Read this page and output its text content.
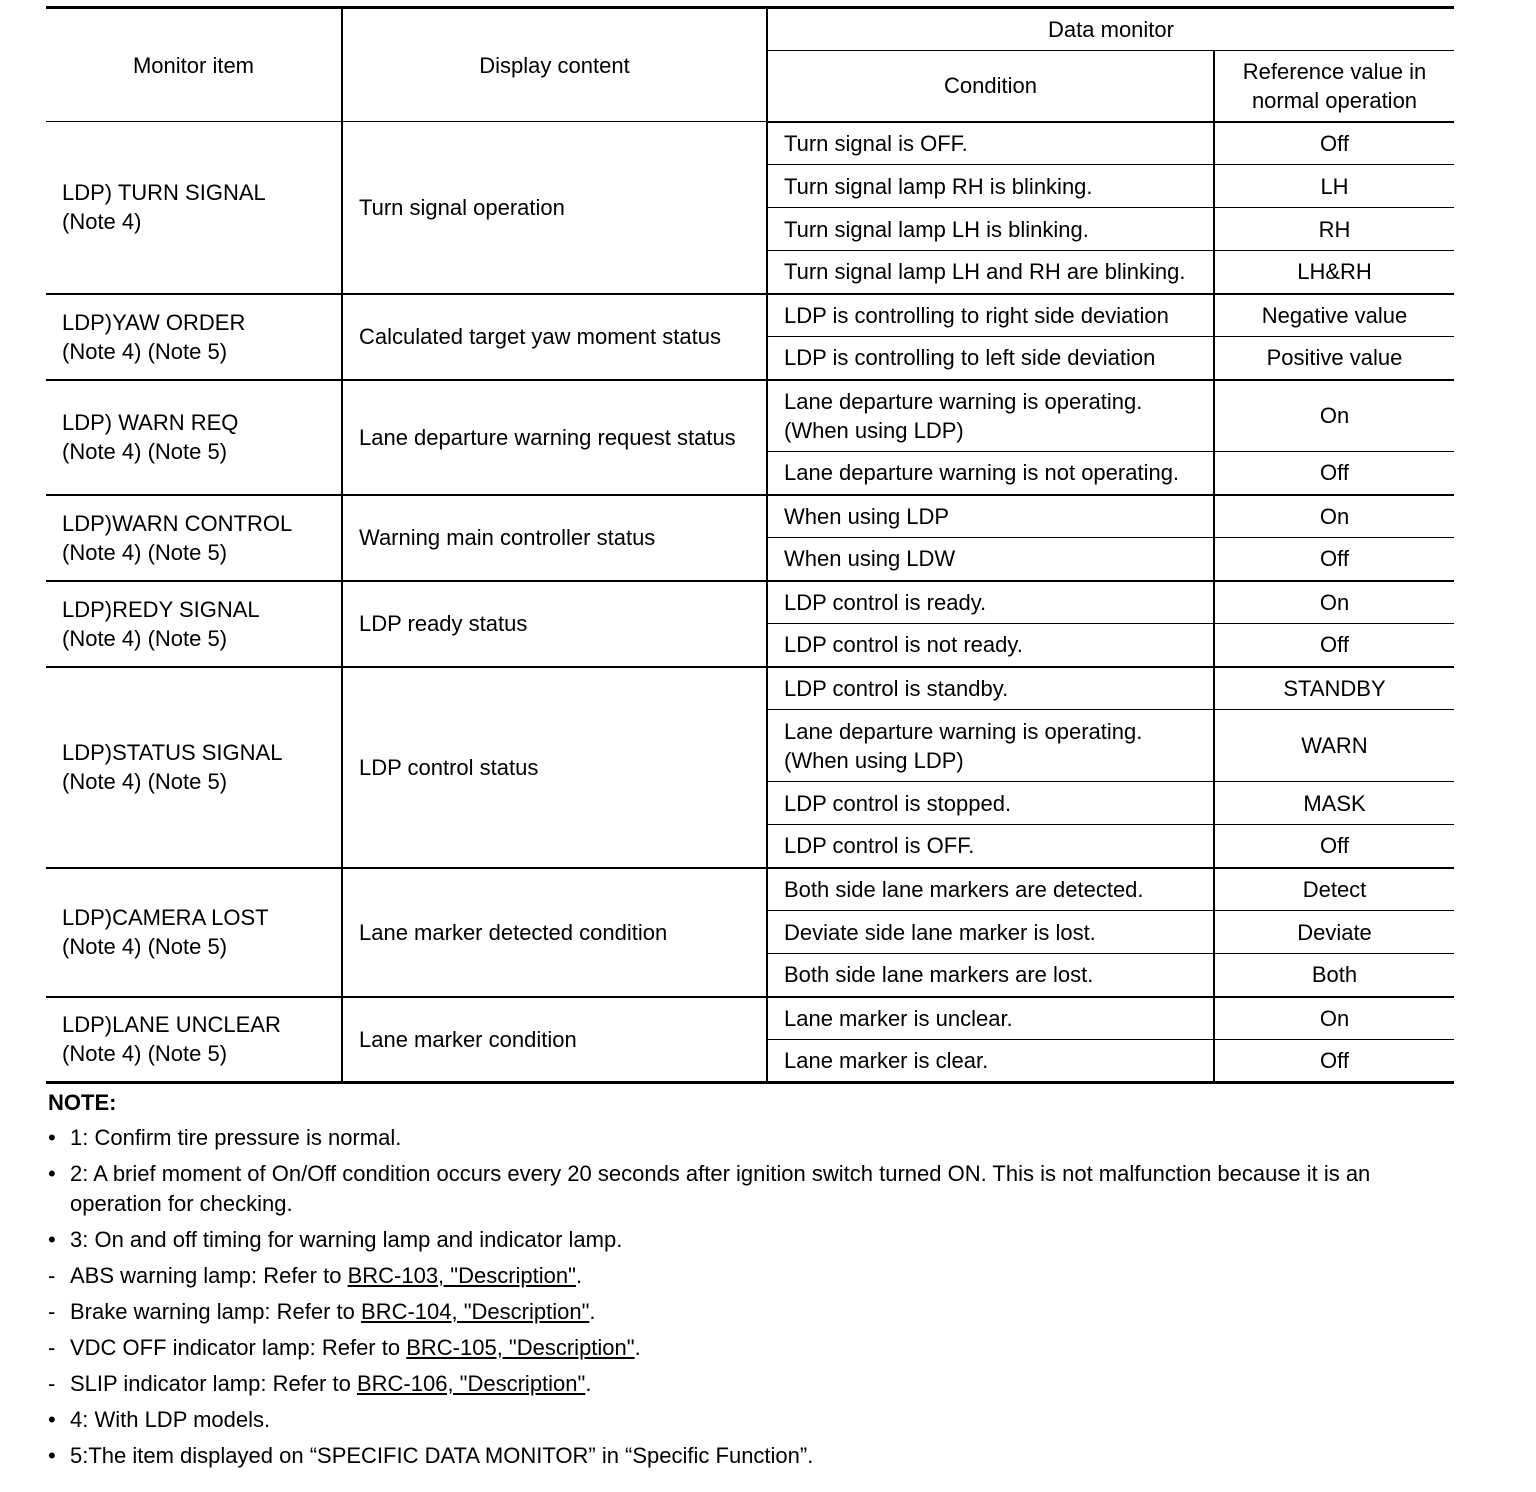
Monitor item	Display content	Data monitor	
		Condition	Reference value in normal operation

LDP) TURN SIGNAL
(Note 4)	Turn signal operation	Turn signal is OFF.	Off

		Turn signal lamp RH is blinking.	LH

		Turn signal lamp LH is blinking.	RH

		Turn signal lamp LH and RH are blinking.	LH&RH

LDP)YAW ORDER
(Note 4) (Note 5)	Calculated target yaw moment status	LDP is controlling to right side deviation	Negative value

		LDP is controlling to left side deviation	Positive value

LDP) WARN REQ
(Note 4) (Note 5)	Lane departure warning request status	Lane departure warning is operating.
(When using LDP)	On

		Lane departure warning is not operating.	Off

LDP)WARN CONTROL
(Note 4) (Note 5)	Warning main controller status	When using LDP	On

		When using LDW	Off

LDP)REDY SIGNAL
(Note 4) (Note 5)	LDP ready status	LDP control is ready.	On

		LDP control is not ready.	Off

LDP)STATUS SIGNAL
(Note 4) (Note 5)	LDP control status	LDP control is standby.	STANDBY

		Lane departure warning is operating.
(When using LDP)	WARN

		LDP control is stopped.	MASK

		LDP control is OFF.	Off

LDP)CAMERA LOST
(Note 4) (Note 5)	Lane marker detected condition	Both side lane markers are detected.	Detect

		Deviate side lane marker is lost.	Deviate

		Both side lane markers are lost.	Both

LDP)LANE UNCLEAR
(Note 4) (Note 5)	Lane marker condition	Lane marker is unclear.	On

		Lane marker is clear.	Off
NOTE:
• 1: Confirm tire pressure is normal.
• 2: A brief moment of On/Off condition occurs every 20 seconds after ignition switch turned ON. This is not malfunction because it is an operation for checking.
• 3: On and off timing for warning lamp and indicator lamp.
- ABS warning lamp: Refer to BRC-103, "Description".
- Brake warning lamp: Refer to BRC-104, "Description".
- VDC OFF indicator lamp: Refer to BRC-105, "Description".
- SLIP indicator lamp: Refer to BRC-106, "Description".
• 4: With LDP models.
• 5:The item displayed on “SPECIFIC DATA MONITOR” in “Specific Function”.
